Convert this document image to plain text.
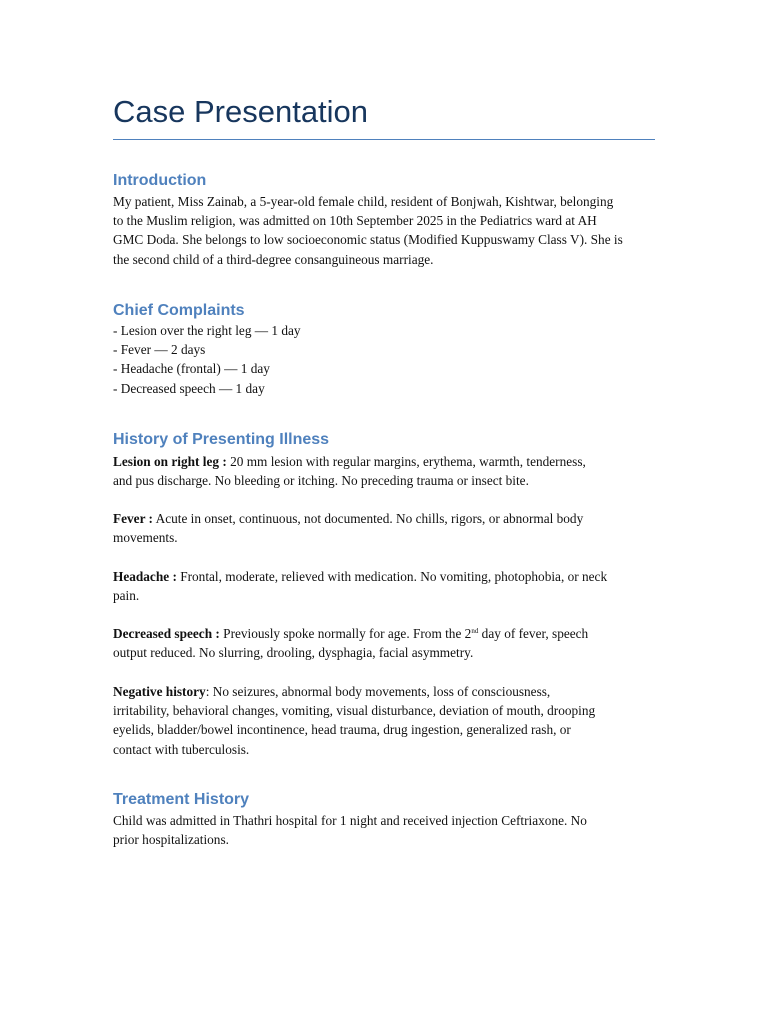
Case Presentation
Introduction
My patient, Miss Zainab, a 5-year-old female child, resident of Bonjwah, Kishtwar, belonging
to the Muslim religion, was admitted on 10th September 2025 in the Pediatrics ward at AH
GMC Doda. She belongs to low socioeconomic status (Modified Kuppuswamy Class V). She is
the second child of a third-degree consanguineous marriage.
Chief Complaints
- Lesion over the right leg — 1 day
- Fever — 2 days
- Headache (frontal) — 1 day
- Decreased speech — 1 day
History of Presenting Illness
Lesion on right leg : 20 mm lesion with regular margins, erythema, warmth, tenderness,
and pus discharge. No bleeding or itching. No preceding trauma or insect bite.
Fever : Acute in onset, continuous, not documented. No chills, rigors, or abnormal body
movements.
Headache : Frontal, moderate, relieved with medication. No vomiting, photophobia, or neck
pain.
Decreased speech : Previously spoke normally for age. From the 2nd day of fever, speech
output reduced. No slurring, drooling, dysphagia, facial asymmetry.
Negative history: No seizures, abnormal body movements, loss of consciousness,
irritability, behavioral changes, vomiting, visual disturbance, deviation of mouth, drooping
eyelids, bladder/bowel incontinence, head trauma, drug ingestion, generalized rash, or
contact with tuberculosis.
Treatment History
Child was admitted in Thathri hospital for 1 night and received injection Ceftriaxone. No
prior hospitalizations.
